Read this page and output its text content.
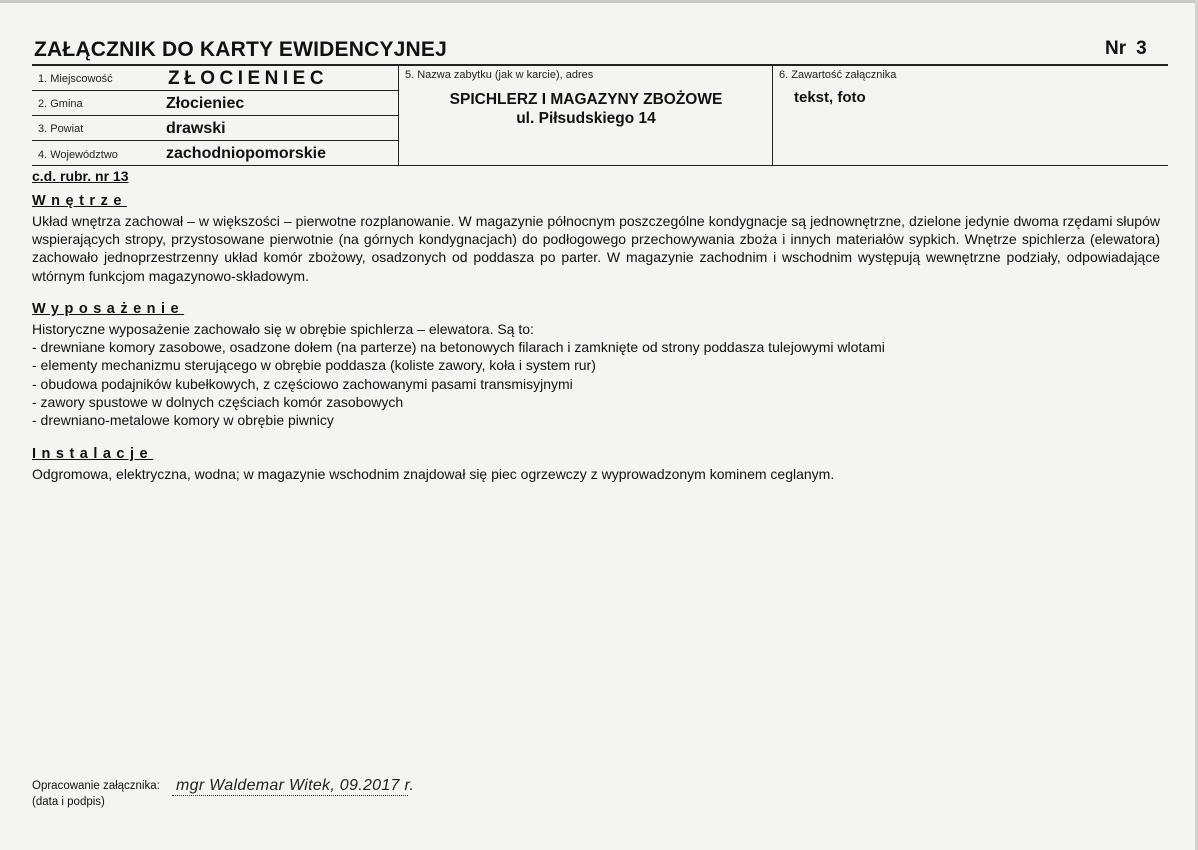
ZAŁĄCZNIK DO KARTY EWIDENCYJNEJ	Nr 3
1. Miejscowość	ZŁOCIENIEC
2. Gmina	Złocieniec
3. Powiat	drawski
4. Województwo	zachodniopomorskie
5. Nazwa zabytku (jak w karcie), adres
SPICHLERZ I MAGAZYNY ZBOŻOWE
ul. Piłsudskiego 14
6. Zawartość załącznika
tekst, foto
c.d. rubr. nr 13
Wnętrze
Układ wnętrza zachował – w większości – pierwotne rozplanowanie. W magazynie północnym poszczególne kondygnacje są jednownętrzne, dzielone jedynie dwoma rzędami słupów wspierających stropy, przystosowane pierwotnie (na górnych kondygnacjach) do podłogowego przechowywania zboża i innych materiałów sypkich. Wnętrze spichlerza (elewatora) zachowało jednoprzestrzenny układ komór zbożowy, osadzonych od poddasza po parter. W magazynie zachodnim i wschodnim występują wewnętrzne podziały, odpowiadające wtórnym funkcjom magazynowo-składowym.
Wyposażenie
Historyczne wyposażenie zachowało się w obrębie spichlerza – elewatora. Są to:
- drewniane komory zasobowe, osadzone dołem (na parterze) na betonowych filarach i zamknięte od strony poddasza tulejowymi wlotami
- elementy mechanizmu sterującego w obrębie poddasza (koliste zawory, koła i system rur)
- obudowa podajników kubełkowych, z częściowo zachowanymi pasami transmisyjnymi
- zawory spustowe w dolnych częściach komór zasobowych
- drewniano-metalowe komory w obrębie piwnicy
Instalacje
Odgromowa, elektryczna, wodna; w magazynie wschodnim znajdował się piec ogrzewczy z wyprowadzonym kominem ceglanym.
Opracowanie załącznika:
(data i podpis)
mgr Waldemar Witek, 09.2017 r.
